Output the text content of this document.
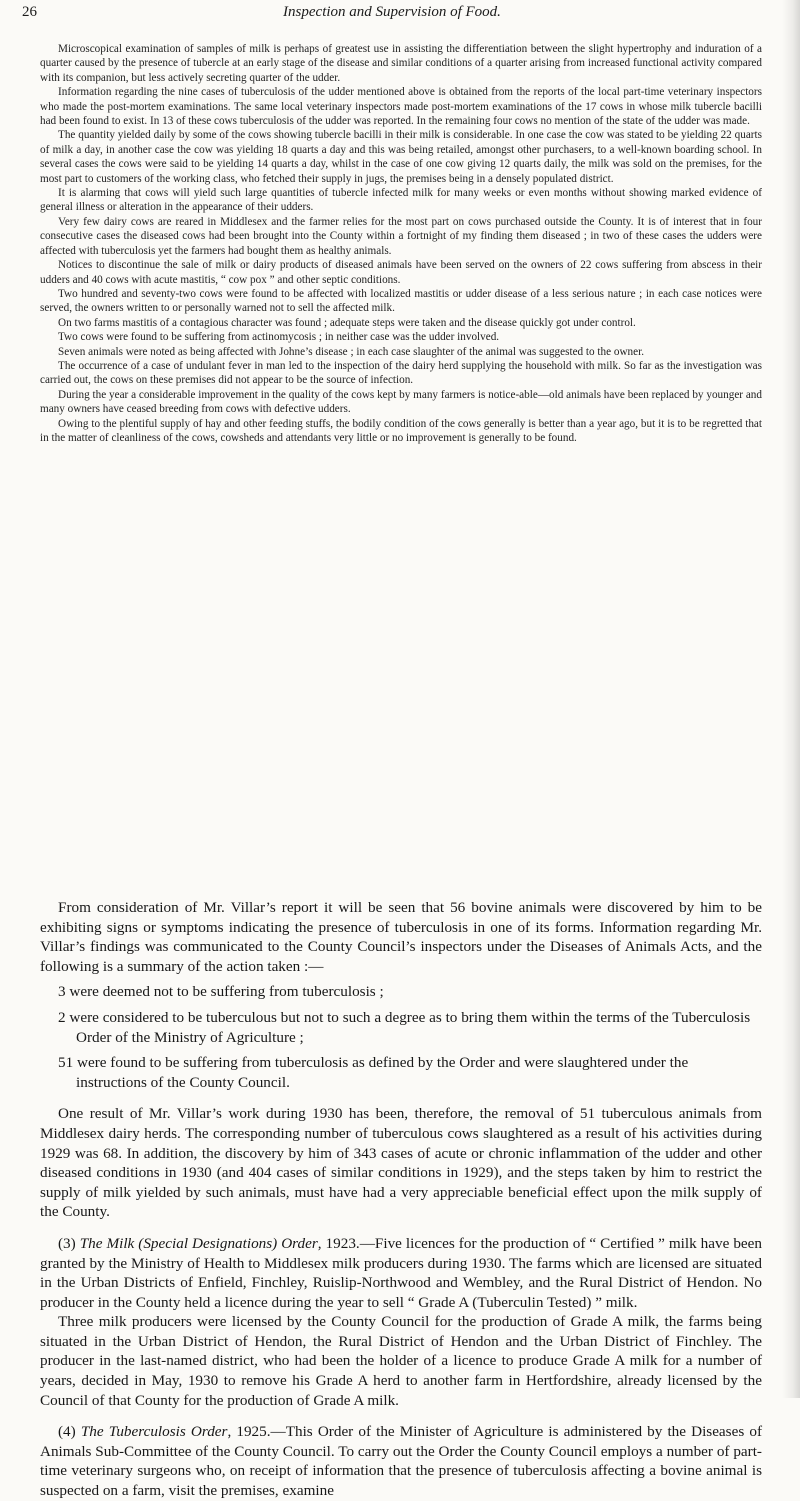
26	Inspection and Supervision of Food.

Microscopical examination of samples of milk is perhaps of greatest use in assisting the differentiation between the slight hypertrophy and induration of a quarter caused by the presence of tubercle at an early stage of the disease and similar conditions of a quarter arising from increased functional activity compared with its companion, but less actively secreting quarter of the udder.

Information regarding the nine cases of tuberculosis of the udder mentioned above is obtained from the reports of the local part-time veterinary inspectors who made the post-mortem examinations. The same local veterinary inspectors made post-mortem examinations of the 17 cows in whose milk tubercle bacilli had been found to exist. In 13 of these cows tuberculosis of the udder was reported. In the remaining four cows no mention of the state of the udder was made.

The quantity yielded daily by some of the cows showing tubercle bacilli in their milk is considerable. In one case the cow was stated to be yielding 22 quarts of milk a day, in another case the cow was yielding 18 quarts a day and this was being retailed, amongst other purchasers, to a well-known boarding school. In several cases the cows were said to be yielding 14 quarts a day, whilst in the case of one cow giving 12 quarts daily, the milk was sold on the premises, for the most part to customers of the working class, who fetched their supply in jugs, the premises being in a densely populated district.

It is alarming that cows will yield such large quantities of tubercle infected milk for many weeks or even months without showing marked evidence of general illness or alteration in the appearance of their udders.

Very few dairy cows are reared in Middlesex and the farmer relies for the most part on cows purchased outside the County. It is of interest that in four consecutive cases the diseased cows had been brought into the County within a fortnight of my finding them diseased ; in two of these cases the udders were affected with tuberculosis yet the farmers had bought them as healthy animals.

Notices to discontinue the sale of milk or dairy products of diseased animals have been served on the owners of 22 cows suffering from abscess in their udders and 40 cows with acute mastitis, “ cow pox ” and other septic conditions.

Two hundred and seventy-two cows were found to be affected with localized mastitis or udder disease of a less serious nature ; in each case notices were served, the owners written to or personally warned not to sell the affected milk.

On two farms mastitis of a contagious character was found ; adequate steps were taken and the disease quickly got under control.

Two cows were found to be suffering from actinomycosis ; in neither case was the udder involved.

Seven animals were noted as being affected with Johne’s disease ; in each case slaughter of the animal was suggested to the owner.

The occurrence of a case of undulant fever in man led to the inspection of the dairy herd supplying the household with milk. So far as the investigation was carried out, the cows on these premises did not appear to be the source of infection.

During the year a considerable improvement in the quality of the cows kept by many farmers is notice-able—old animals have been replaced by younger and many owners have ceased breeding from cows with defective udders.

Owing to the plentiful supply of hay and other feeding stuffs, the bodily condition of the cows generally is better than a year ago, but it is to be regretted that in the matter of cleanliness of the cows, cowsheds and attendants very little or no improvement is generally to be found.

From consideration of Mr. Villar’s report it will be seen that 56 bovine animals were discovered by him to be exhibiting signs or symptoms indicating the presence of tuberculosis in one of its forms. Information regarding Mr. Villar’s findings was communicated to the County Council’s inspectors under the Diseases of Animals Acts, and the following is a summary of the action taken :—

3 were deemed not to be suffering from tuberculosis ;
2 were considered to be tuberculous but not to such a degree as to bring them within the terms of the Tuberculosis Order of the Ministry of Agriculture ;
51 were found to be suffering from tuberculosis as defined by the Order and were slaughtered under the instructions of the County Council.

One result of Mr. Villar’s work during 1930 has been, therefore, the removal of 51 tuberculous animals from Middlesex dairy herds. The corresponding number of tuberculous cows slaughtered as a result of his activities during 1929 was 68. In addition, the discovery by him of 343 cases of acute or chronic inflammation of the udder and other diseased conditions in 1930 (and 404 cases of similar conditions in 1929), and the steps taken by him to restrict the supply of milk yielded by such animals, must have had a very appreciable beneficial effect upon the milk supply of the County.

(3) The Milk (Special Designations) Order, 1923.—Five licences for the production of “ Certified ” milk have been granted by the Ministry of Health to Middlesex milk producers during 1930. The farms which are licensed are situated in the Urban Districts of Enfield, Finchley, Ruislip-Northwood and Wembley, and the Rural District of Hendon. No producer in the County held a licence during the year to sell “ Grade A (Tuberculin Tested) ” milk.

Three milk producers were licensed by the County Council for the production of Grade A milk, the farms being situated in the Urban District of Hendon, the Rural District of Hendon and the Urban District of Finchley. The producer in the last-named district, who had been the holder of a licence to produce Grade A milk for a number of years, decided in May, 1930 to remove his Grade A herd to another farm in Hertfordshire, already licensed by the Council of that County for the production of Grade A milk.

(4) The Tuberculosis Order, 1925.—This Order of the Minister of Agriculture is administered by the Diseases of Animals Sub-Committee of the County Council. To carry out the Order the County Council employs a number of part-time veterinary surgeons who, on receipt of information that the presence of tuberculosis affecting a bovine animal is suspected on a farm, visit the premises, examine
